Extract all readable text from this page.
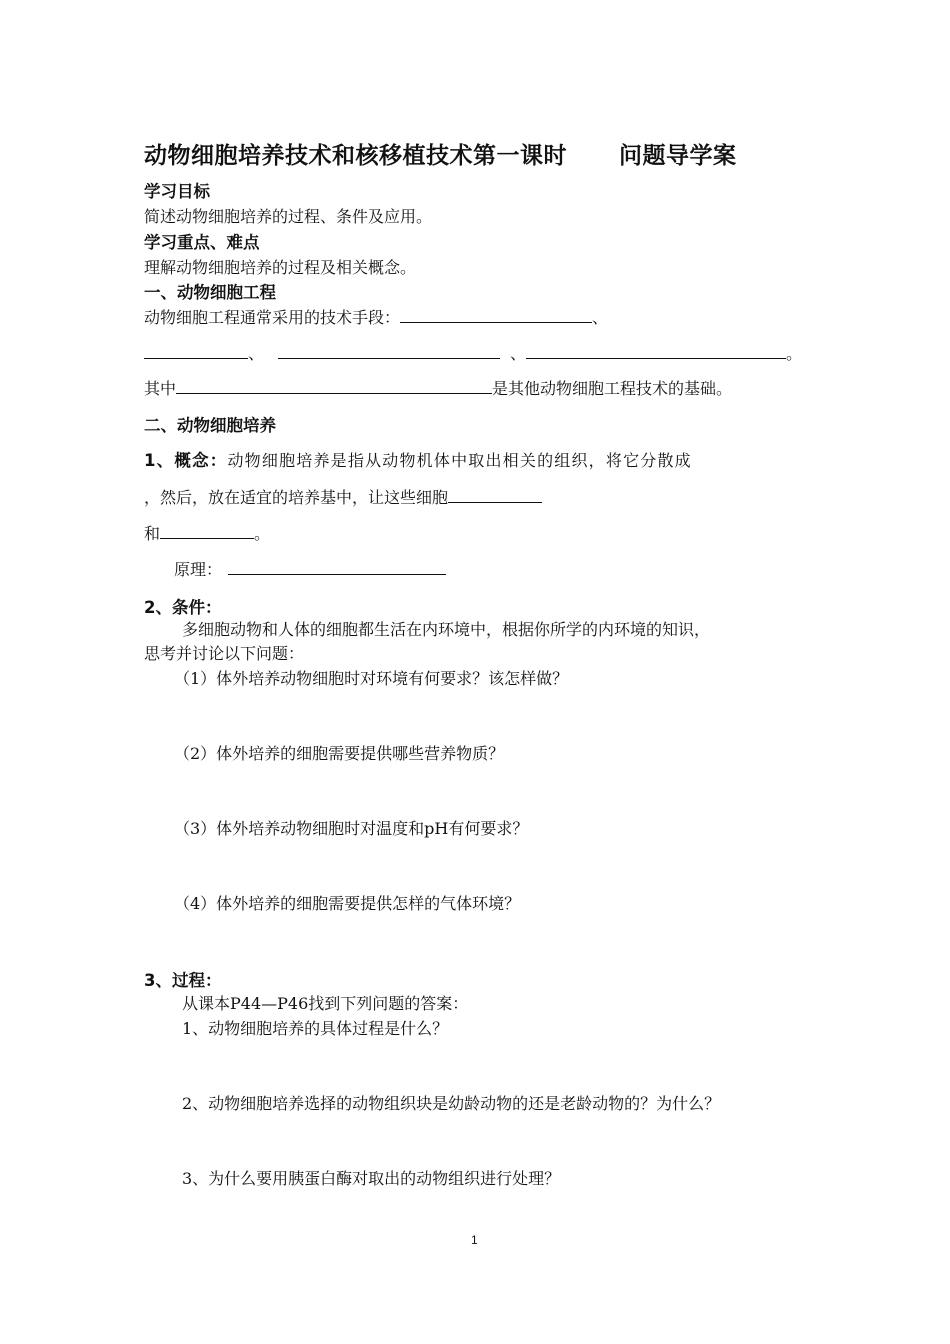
动物细胞培养技术和核移植技术第一课时 问题导学案
学习目标
简述动物细胞培养的过程、条件及应用。
学习重点、难点
理解动物细胞培养的过程及相关概念。
一、动物细胞工程
动物细胞工程通常采用的技术手段：	、
、	、	。
其中	是其他动物细胞工程技术的基础。
二、动物细胞培养
1、概念：动物细胞培养是指从动物机体中取出相关的组织，将它分散成
，然后，放在适宜的培养基中，让这些细胞
和	。
原理：
2、条件：
多细胞动物和人体的细胞都生活在内环境中，根据你所学的内环境的知识，
思考并讨论以下问题：
（1）体外培养动物细胞时对环境有何要求？该怎样做？
（2）体外培养的细胞需要提供哪些营养物质？
（3）体外培养动物细胞时对温度和pH有何要求？
（4）体外培养的细胞需要提供怎样的气体环境？
3、过程：
从课本P44—P46找到下列问题的答案：
1、动物细胞培养的具体过程是什么？
2、动物细胞培养选择的动物组织块是幼龄动物的还是老龄动物的？为什么？
3、为什么要用胰蛋白酶对取出的动物组织进行处理？
1
